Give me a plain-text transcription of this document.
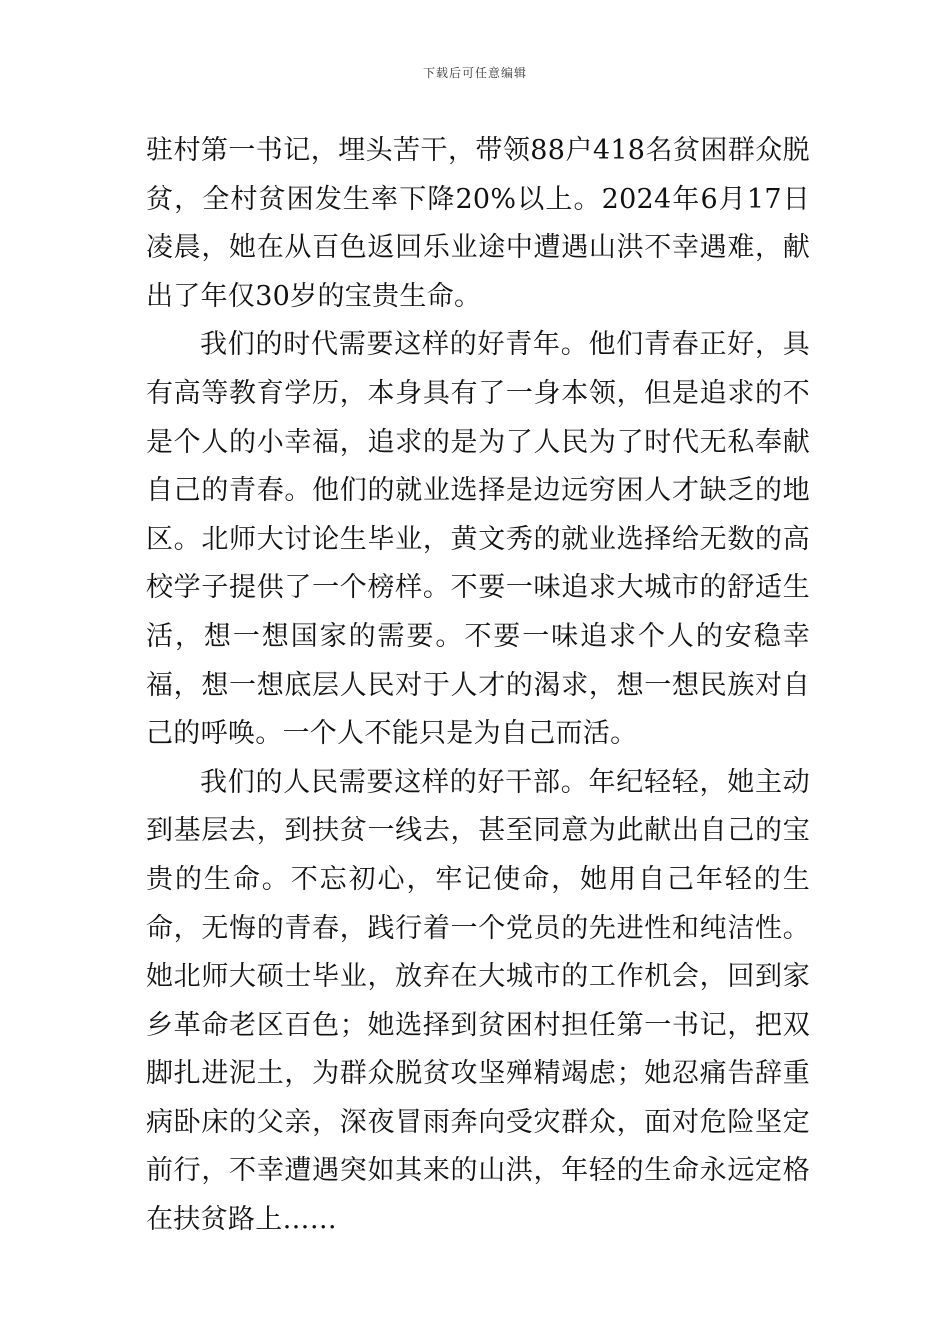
下载后可任意编辑

驻村第一书记，埋头苦干，带领88户418名贫困群众脱贫，全村贫困发生率下降20%以上。2024年6月17日凌晨，她在从百色返回乐业途中遭遇山洪不幸遇难，献出了年仅30岁的宝贵生命。

我们的时代需要这样的好青年。他们青春正好，具有高等教育学历，本身具有了一身本领，但是追求的不是个人的小幸福，追求的是为了人民为了时代无私奉献自己的青春。他们的就业选择是边远穷困人才缺乏的地区。北师大讨论生毕业，黄文秀的就业选择给无数的高校学子提供了一个榜样。不要一味追求大城市的舒适生活，想一想国家的需要。不要一味追求个人的安稳幸福，想一想底层人民对于人才的渴求，想一想民族对自己的呼唤。一个人不能只是为自己而活。

我们的人民需要这样的好干部。年纪轻轻，她主动到基层去，到扶贫一线去，甚至同意为此献出自己的宝贵的生命。不忘初心，牢记使命，她用自己年轻的生命，无悔的青春，践行着一个党员的先进性和纯洁性。她北师大硕士毕业，放弃在大城市的工作机会，回到家乡革命老区百色；她选择到贫困村担任第一书记，把双脚扎进泥土，为群众脱贫攻坚殚精竭虑；她忍痛告辞重病卧床的父亲，深夜冒雨奔向受灾群众，面对危险坚定前行，不幸遭遇突如其来的山洪，年轻的生命永远定格在扶贫路上……
